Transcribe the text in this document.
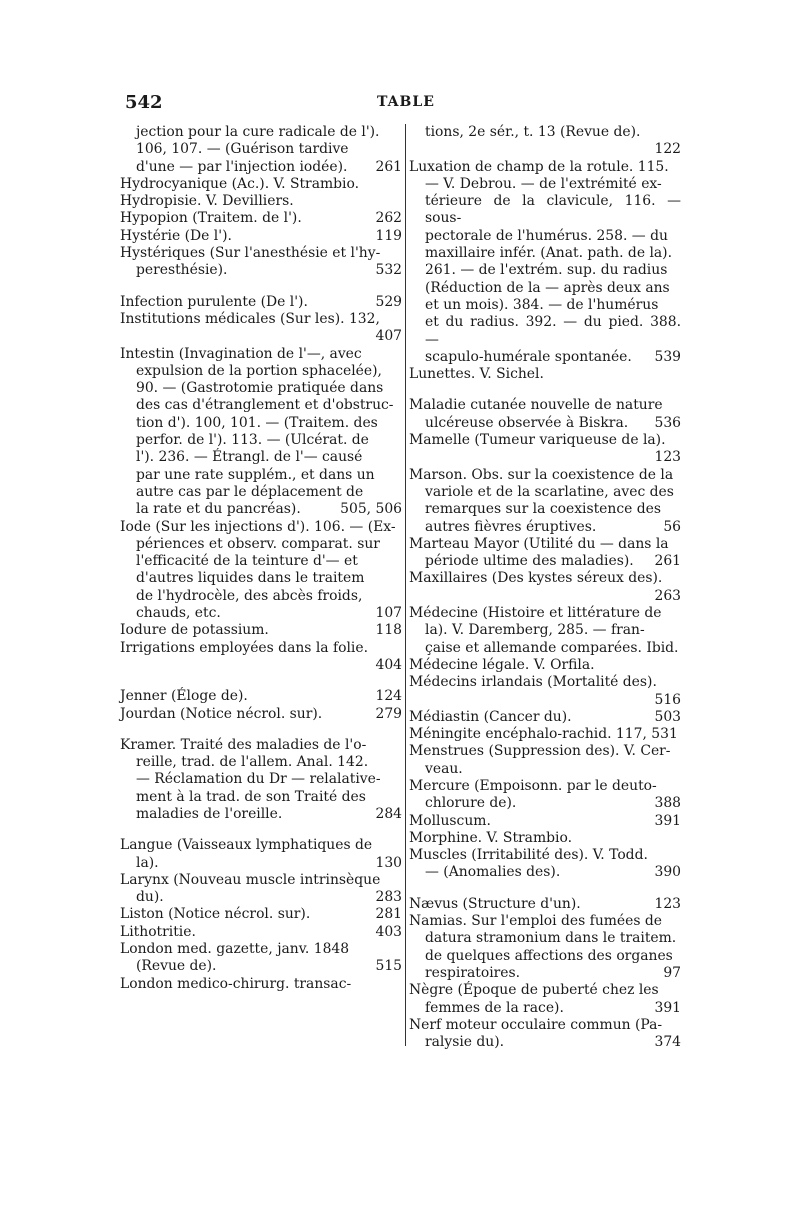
542	TABLE

jection pour la cure radicale de l').

106, 107. — (Guérison tardive

d'une — par l'injection iodée).	261

Hydrocyanique (Ac.). V. Strambio.

Hydropisie. V. Devilliers.

Hypopion (Traitem. de l').	262

Hystérie (De l').	119

Hystériques (Sur l'anesthésie et l'hy-

peresthésie).	532

Infection purulente (De l').	529

Institutions médicales (Sur les). 132,

407

Intestin (Invagination de l'—, avec

expulsion de la portion sphacelée),

90. — (Gastrotomie pratiquée dans

des cas d'étranglement et d'obstruc-

tion d'). 100, 101. — (Traitem. des

perfor. de l'). 113. — (Ulcérat. de

l'). 236. — Étrangl. de l'— causé

par une rate supplém., et dans un

autre cas par le déplacement de

la rate et du pancréas).	505, 506

Iode (Sur les injections d'). 106. — (Ex-

périences et observ. comparat. sur

l'efficacité de la teinture d'— et

d'autres liquides dans le traitem

de l'hydrocèle, des abcès froids,

chauds, etc.	107

Iodure de potassium.	118

Irrigations employées dans la folie.

404

Jenner (Éloge de).	124

Jourdan (Notice nécrol. sur).	279

Kramer. Traité des maladies de l'o-

reille, trad. de l'allem. Anal. 142.

— Réclamation du Dr — relalative-

ment à la trad. de son Traité des

maladies de l'oreille.	284

Langue (Vaisseaux lymphatiques de

la).	130

Larynx (Nouveau muscle intrinsèque

du).	283

Liston (Notice nécrol. sur).	281

Lithotritie.	403

London med. gazette, janv. 1848

(Revue de).	515

London medico-chirurg. transac-

tions, 2e sér., t. 13 (Revue de).

122

Luxation de champ de la rotule. 115.

— V. Debrou. — de l'extrémité ex-

térieure de la clavicule, 116. — sous-

pectorale de l'humérus. 258. — du

maxillaire infér. (Anat. path. de la).

261. — de l'extrém. sup. du radius

(Réduction de la — après deux ans

et un mois). 384. — de l'humérus

et du radius. 392. — du pied. 388. —

scapulo-humérale spontanée.	539

Lunettes. V. Sichel.

Maladie cutanée nouvelle de nature

ulcéreuse observée à Biskra.	536

Mamelle (Tumeur variqueuse de la).

123

Marson. Obs. sur la coexistence de la

variole et de la scarlatine, avec des

remarques sur la coexistence des

autres fièvres éruptives.	56

Marteau Mayor (Utilité du — dans la

période ultime des maladies).	261

Maxillaires (Des kystes séreux des).

263

Médecine (Histoire et littérature de

la). V. Daremberg, 285. — fran-

çaise et allemande comparées. Ibid.

Médecine légale. V. Orfila.

Médecins irlandais (Mortalité des).

516

Médiastin (Cancer du).	503

Méningite encéphalo-rachid. 117, 531

Menstrues (Suppression des). V. Cer-

veau.

Mercure (Empoisonn. par le deuto-

chlorure de).	388

Molluscum.	391

Morphine. V. Strambio.

Muscles (Irritabilité des). V. Todd.

— (Anomalies des).	390

Nævus (Structure d'un).	123

Namias. Sur l'emploi des fumées de

datura stramonium dans le traitem.

de quelques affections des organes

respiratoires.	97

Nègre (Époque de puberté chez les

femmes de la race).	391

Nerf moteur occulaire commun (Pa-

ralysie du).	374
